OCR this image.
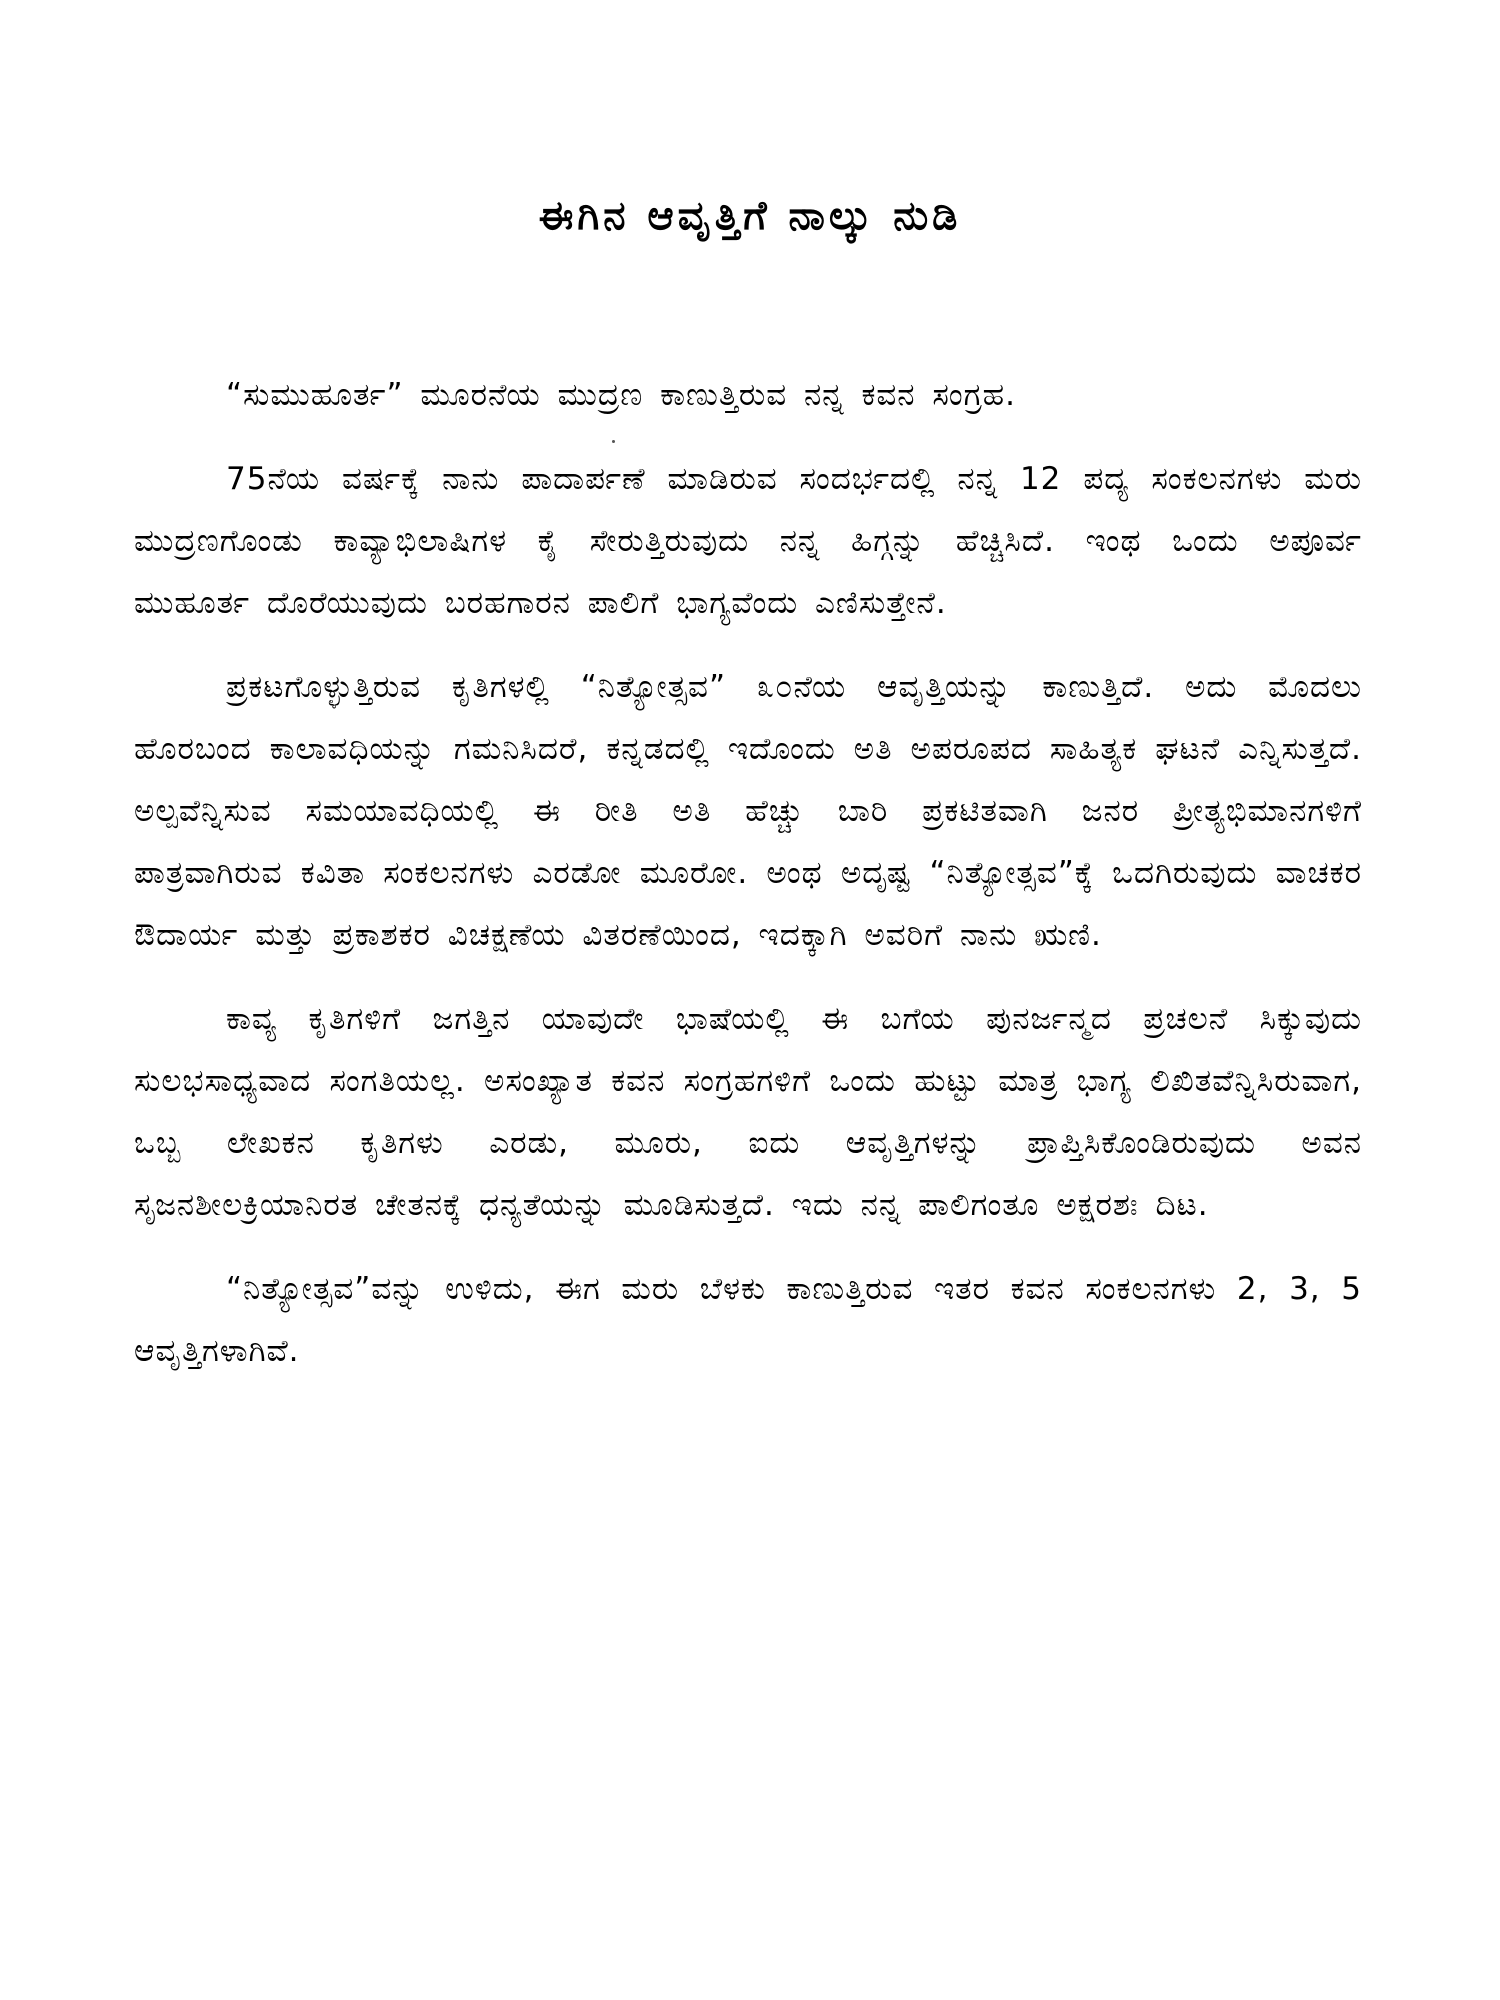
ಈಗಿನ ಆವೃತ್ತಿಗೆ ನಾಲ್ಕು ನುಡಿ

“ಸುಮುಹೂರ್ತ” ಮೂರನೆಯ ಮುದ್ರಣ ಕಾಣುತ್ತಿರುವ ನನ್ನ ಕವನ ಸಂಗ್ರಹ.

75ನೆಯ ವರ್ಷಕ್ಕೆ ನಾನು ಪಾದಾರ್ಪಣೆ ಮಾಡಿರುವ ಸಂದರ್ಭದಲ್ಲಿ ನನ್ನ 12 ಪದ್ಯ ಸಂಕಲನಗಳು ಮರು ಮುದ್ರಣಗೊಂಡು ಕಾವ್ಯಾಭಿಲಾಷಿಗಳ ಕೈ ಸೇರುತ್ತಿರುವುದು ನನ್ನ ಹಿಗ್ಗನ್ನು ಹೆಚ್ಚಿಸಿದೆ. ಇಂಥ ಒಂದು ಅಪೂರ್ವ ಮುಹೂರ್ತ ದೊರೆಯುವುದು ಬರಹಗಾರನ ಪಾಲಿಗೆ ಭಾಗ್ಯವೆಂದು ಎಣಿಸುತ್ತೇನೆ.

ಪ್ರಕಟಗೊಳ್ಳುತ್ತಿರುವ ಕೃತಿಗಳಲ್ಲಿ “ನಿತ್ಯೋತ್ಸವ” ೩೦ನೆಯ ಆವೃತ್ತಿಯನ್ನು ಕಾಣುತ್ತಿದೆ. ಅದು ಮೊದಲು ಹೊರಬಂದ ಕಾಲಾವಧಿಯನ್ನು ಗಮನಿಸಿದರೆ, ಕನ್ನಡದಲ್ಲಿ ಇದೊಂದು ಅತಿ ಅಪರೂಪದ ಸಾಹಿತ್ಯಕ ಘಟನೆ ಎನ್ನಿಸುತ್ತದೆ. ಅಲ್ಪವೆನ್ನಿಸುವ ಸಮಯಾವಧಿಯಲ್ಲಿ ಈ ರೀತಿ ಅತಿ ಹೆಚ್ಚು ಬಾರಿ ಪ್ರಕಟಿತವಾಗಿ ಜನರ ಪ್ರೀತ್ಯಭಿಮಾನಗಳಿಗೆ ಪಾತ್ರವಾಗಿರುವ ಕವಿತಾ ಸಂಕಲನಗಳು ಎರಡೋ ಮೂರೋ. ಅಂಥ ಅದೃಷ್ಟ “ನಿತ್ಯೋತ್ಸವ”ಕ್ಕೆ ಒದಗಿರುವುದು ವಾಚಕರ ಔದಾರ್ಯ ಮತ್ತು ಪ್ರಕಾಶಕರ ವಿಚಕ್ಷಣೆಯ ವಿತರಣೆಯಿಂದ, ಇದಕ್ಕಾಗಿ ಅವರಿಗೆ ನಾನು ಋಣಿ.

ಕಾವ್ಯ ಕೃತಿಗಳಿಗೆ ಜಗತ್ತಿನ ಯಾವುದೇ ಭಾಷೆಯಲ್ಲಿ ಈ ಬಗೆಯ ಪುನರ್ಜನ್ಮದ ಪ್ರಚಲನೆ ಸಿಕ್ಕುವುದು ಸುಲಭಸಾಧ್ಯವಾದ ಸಂಗತಿಯಲ್ಲ. ಅಸಂಖ್ಯಾತ ಕವನ ಸಂಗ್ರಹಗಳಿಗೆ ಒಂದು ಹುಟ್ಟು ಮಾತ್ರ ಭಾಗ್ಯ ಲಿಖಿತವೆನ್ನಿಸಿರುವಾಗ, ಒಬ್ಬ ಲೇಖಕನ ಕೃತಿಗಳು ಎರಡು, ಮೂರು, ಐದು ಆವೃತ್ತಿಗಳನ್ನು ಪ್ರಾಪ್ತಿಸಿಕೊಂಡಿರುವುದು ಅವನ ಸೃಜನಶೀಲಕ್ರಿಯಾನಿರತ ಚೇತನಕ್ಕೆ ಧನ್ಯತೆಯನ್ನು ಮೂಡಿಸುತ್ತದೆ. ಇದು ನನ್ನ ಪಾಲಿಗಂತೂ ಅಕ್ಷರಶಃ ದಿಟ.

“ನಿತ್ಯೋತ್ಸವ”ವನ್ನು ಉಳಿದು, ಈಗ ಮರು ಬೆಳಕು ಕಾಣುತ್ತಿರುವ ಇತರ ಕವನ ಸಂಕಲನಗಳು 2, 3, 5 ಆವೃತ್ತಿಗಳಾಗಿವೆ.
